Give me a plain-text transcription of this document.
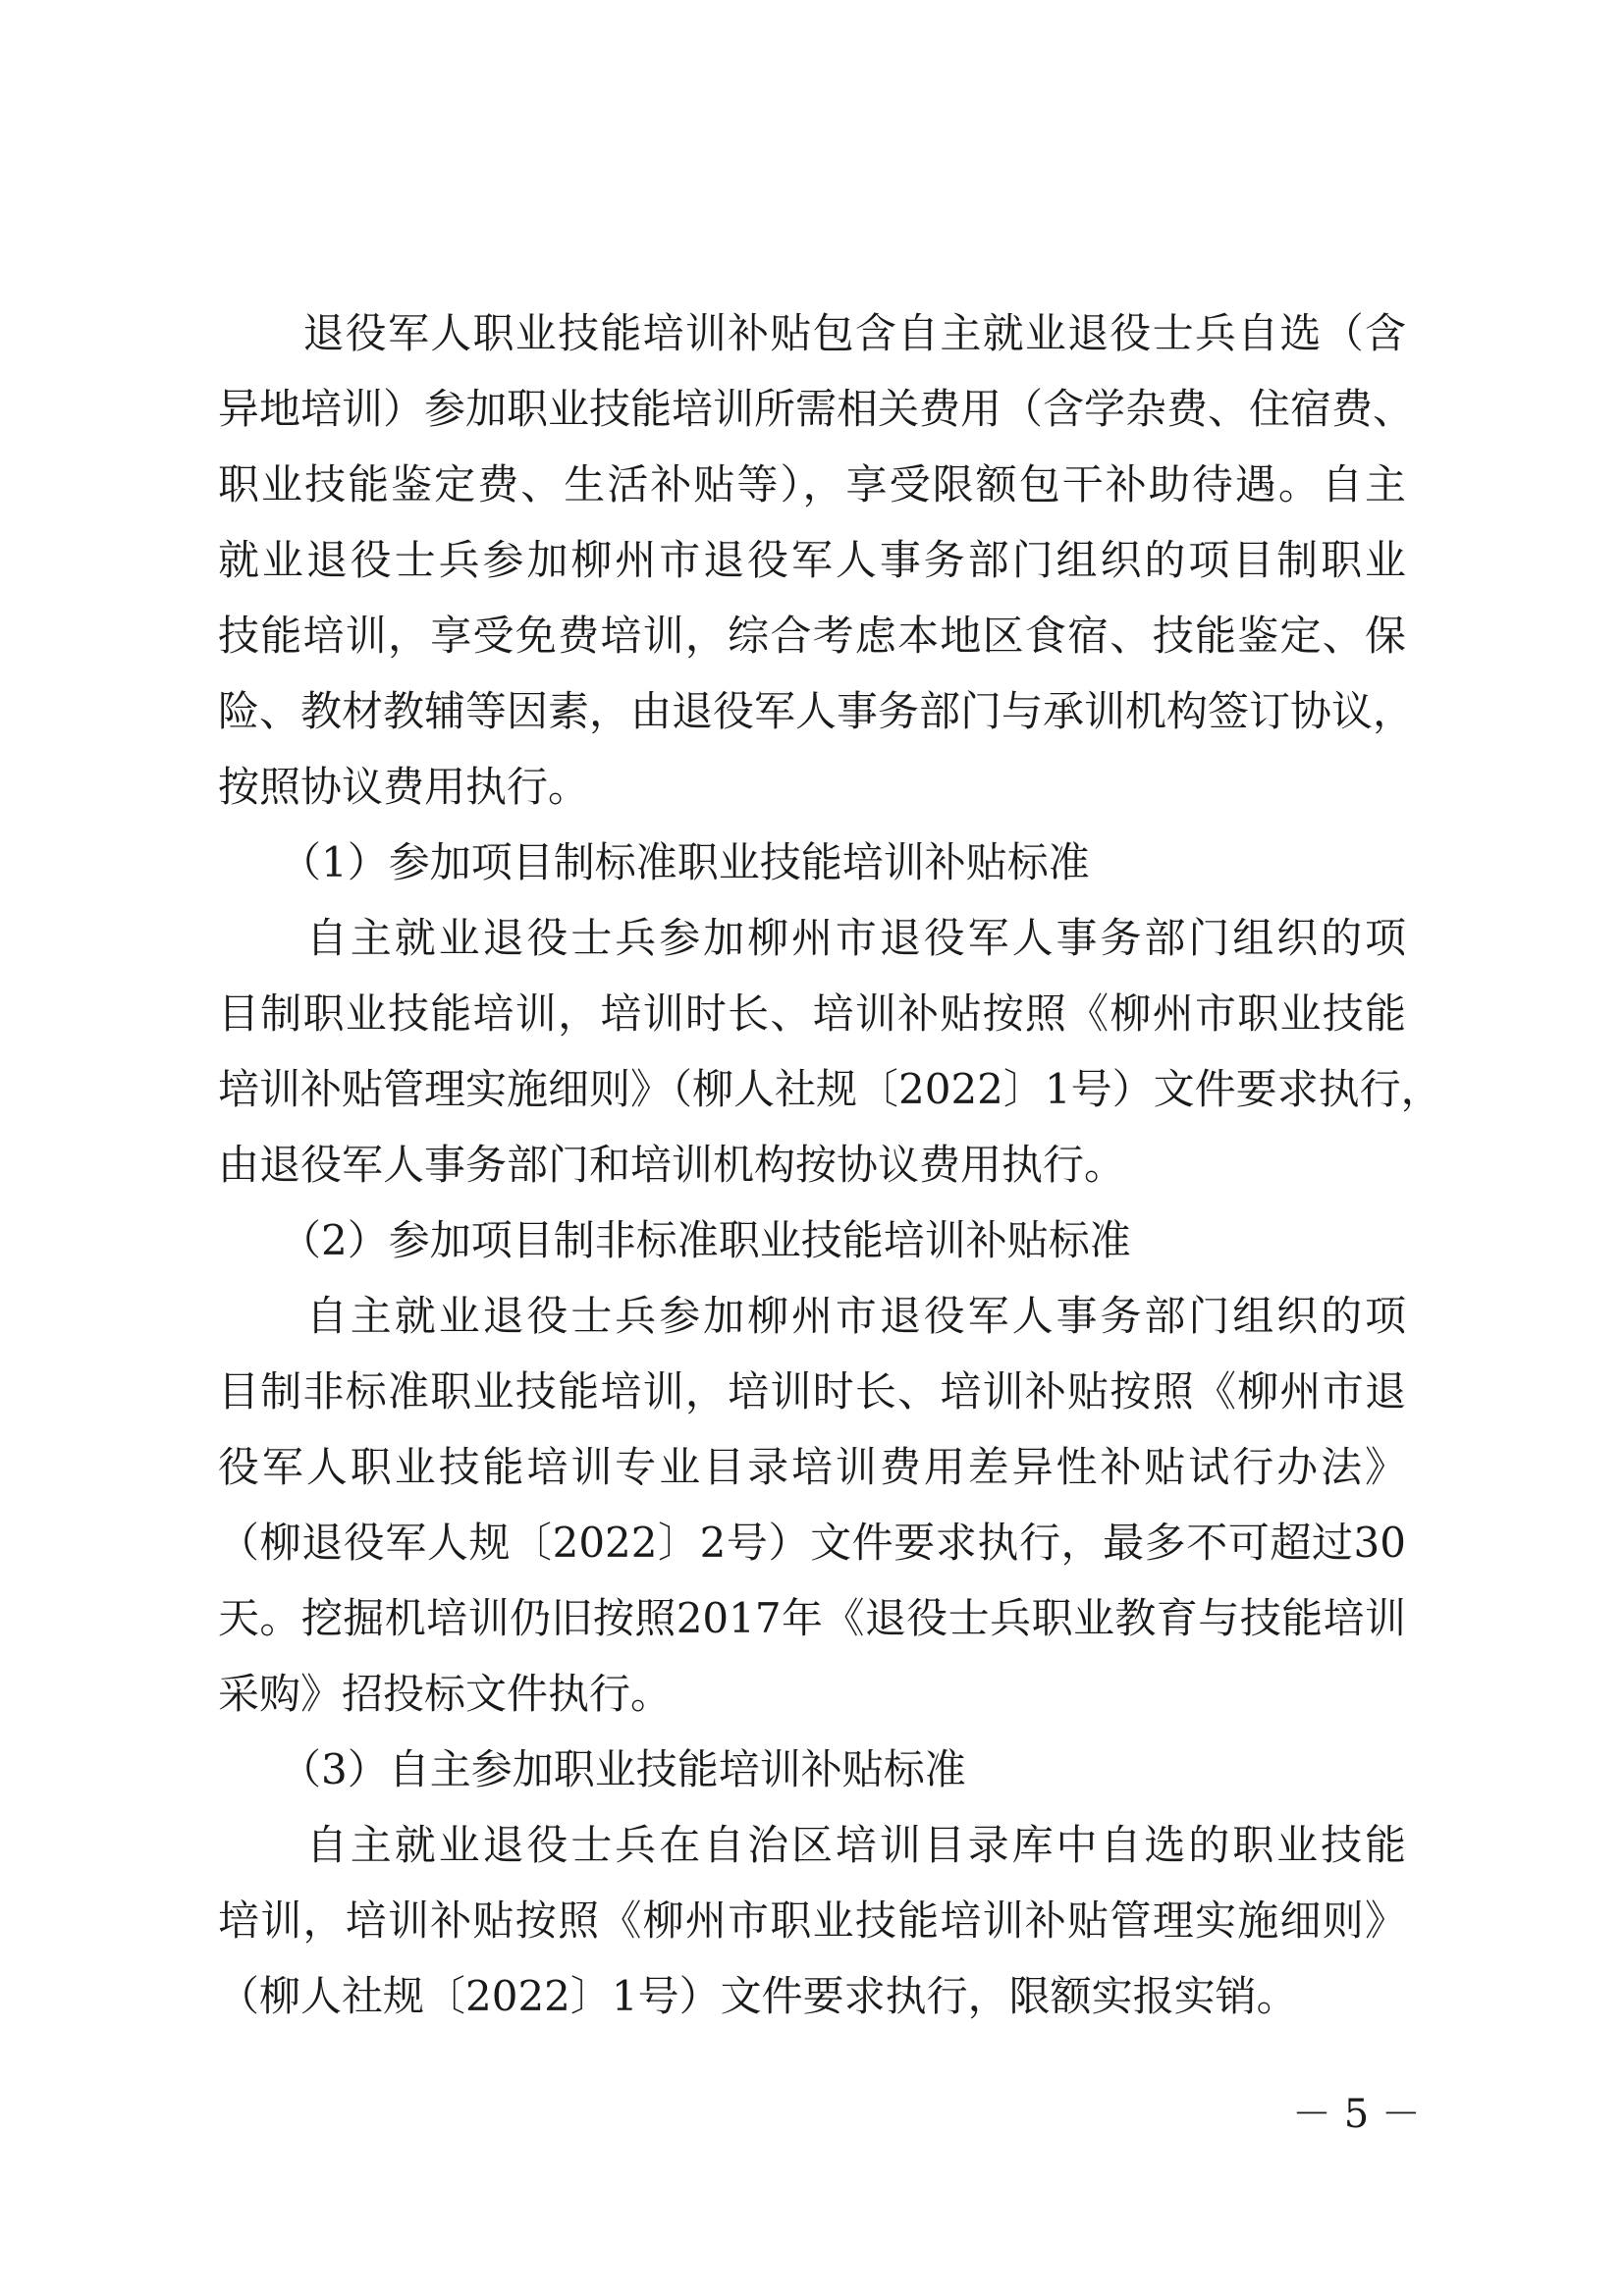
　　退役军人职业技能培训补贴包含自主就业退役士兵自选（含
异地培训）参加职业技能培训所需相关费用（含学杂费、住宿费、
职业技能鉴定费、生活补贴等），享受限额包干补助待遇。自主
就业退役士兵参加柳州市退役军人事务部门组织的项目制职业
技能培训，享受免费培训，综合考虑本地区食宿、技能鉴定、保
险、教材教辅等因素，由退役军人事务部门与承训机构签订协议，
按照协议费用执行。
　　（1）参加项目制标准职业技能培训补贴标准
　　自主就业退役士兵参加柳州市退役军人事务部门组织的项
目制职业技能培训，培训时长、培训补贴按照《柳州市职业技能
培训补贴管理实施细则》（柳人社规〔2022〕1号）文件要求执行，
由退役军人事务部门和培训机构按协议费用执行。
　　（2）参加项目制非标准职业技能培训补贴标准
　　自主就业退役士兵参加柳州市退役军人事务部门组织的项
目制非标准职业技能培训，培训时长、培训补贴按照《柳州市退
役军人职业技能培训专业目录培训费用差异性补贴试行办法》
（柳退役军人规〔2022〕2号）文件要求执行，最多不可超过30
天。挖掘机培训仍旧按照2017年《退役士兵职业教育与技能培训
采购》招投标文件执行。
　　（3）自主参加职业技能培训补贴标准
　　自主就业退役士兵在自治区培训目录库中自选的职业技能
培训，培训补贴按照《柳州市职业技能培训补贴管理实施细则》
（柳人社规〔2022〕1号）文件要求执行，限额实报实销。
－ 5 －
